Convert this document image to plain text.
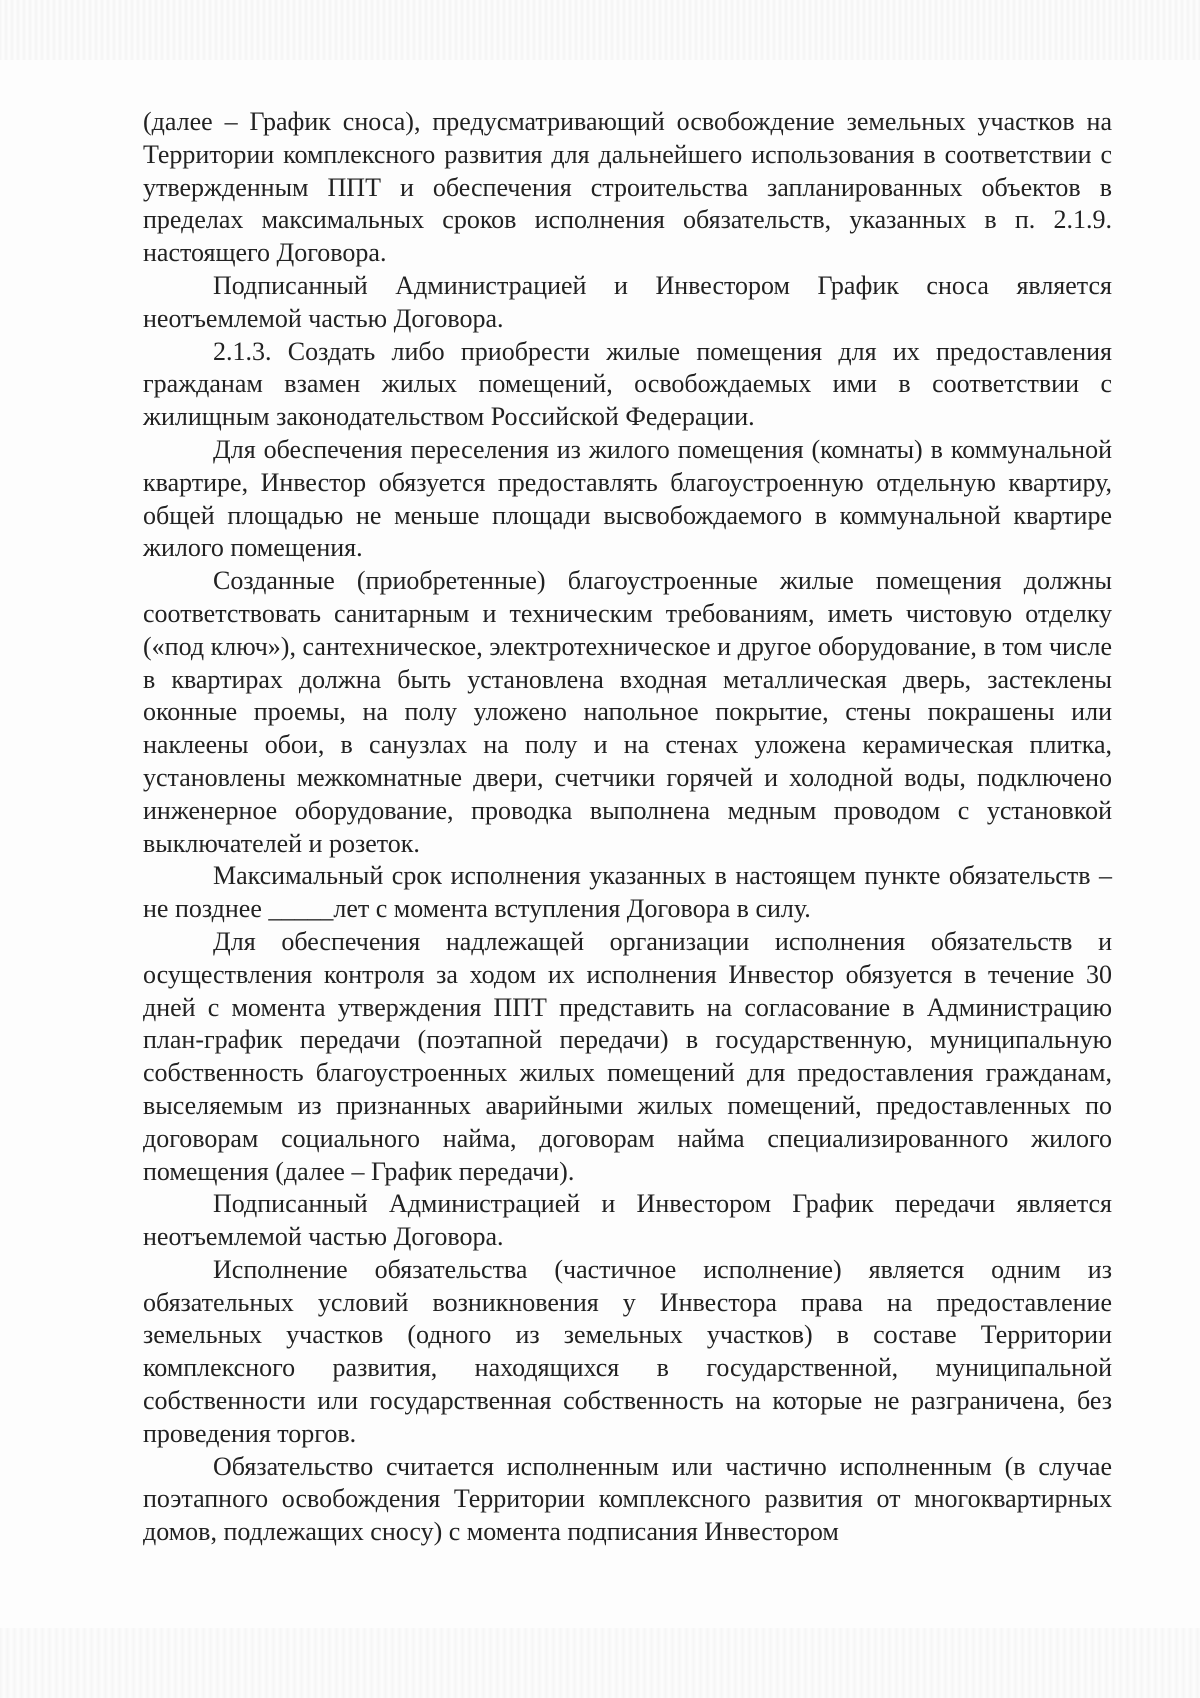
(далее – График сноса), предусматривающий освобождение земельных участков на Территории комплексного развития для дальнейшего использования в соответствии с утвержденным ППТ и обеспечения строительства запланированных объектов в пределах максимальных сроков исполнения обязательств, указанных в п. 2.1.9. настоящего Договора.

Подписанный Администрацией и Инвестором График сноса является неотъемлемой частью Договора.

2.1.3. Создать либо приобрести жилые помещения для их предоставления гражданам взамен жилых помещений, освобождаемых ими в соответствии с жилищным законодательством Российской Федерации.

Для обеспечения переселения из жилого помещения (комнаты) в коммунальной квартире, Инвестор обязуется предоставлять благоустроенную отдельную квартиру, общей площадью не меньше площади высвобождаемого в коммунальной квартире жилого помещения.

Созданные (приобретенные) благоустроенные жилые помещения должны соответствовать санитарным и техническим требованиям, иметь чистовую отделку («под ключ»), сантехническое, электротехническое и другое оборудование, в том числе в квартирах должна быть установлена входная металлическая дверь, застеклены оконные проемы, на полу уложено напольное покрытие, стены покрашены или наклеены обои, в санузлах на полу и на стенах уложена керамическая плитка, установлены межкомнатные двери, счетчики горячей и холодной воды, подключено инженерное оборудование, проводка выполнена медным проводом с установкой выключателей и розеток.

Максимальный срок исполнения указанных в настоящем пункте обязательств – не позднее _____лет с момента вступления Договора в силу.

Для обеспечения надлежащей организации исполнения обязательств и осуществления контроля за ходом их исполнения Инвестор обязуется в течение 30 дней с момента утверждения ППТ представить на согласование в Администрацию план-график передачи (поэтапной передачи) в государственную, муниципальную собственность благоустроенных жилых помещений для предоставления гражданам, выселяемым из признанных аварийными жилых помещений, предоставленных по договорам социального найма, договорам найма специализированного жилого помещения (далее – График передачи).

Подписанный Администрацией и Инвестором График передачи является неотъемлемой частью Договора.

Исполнение обязательства (частичное исполнение) является одним из обязательных условий возникновения у Инвестора права на предоставление земельных участков (одного из земельных участков) в составе Территории комплексного развития, находящихся в государственной, муниципальной собственности или государственная собственность на которые не разграничена, без проведения торгов.

Обязательство считается исполненным или частично исполненным (в случае поэтапного освобождения Территории комплексного развития от многоквартирных домов, подлежащих сносу) с момента подписания Инвестором
